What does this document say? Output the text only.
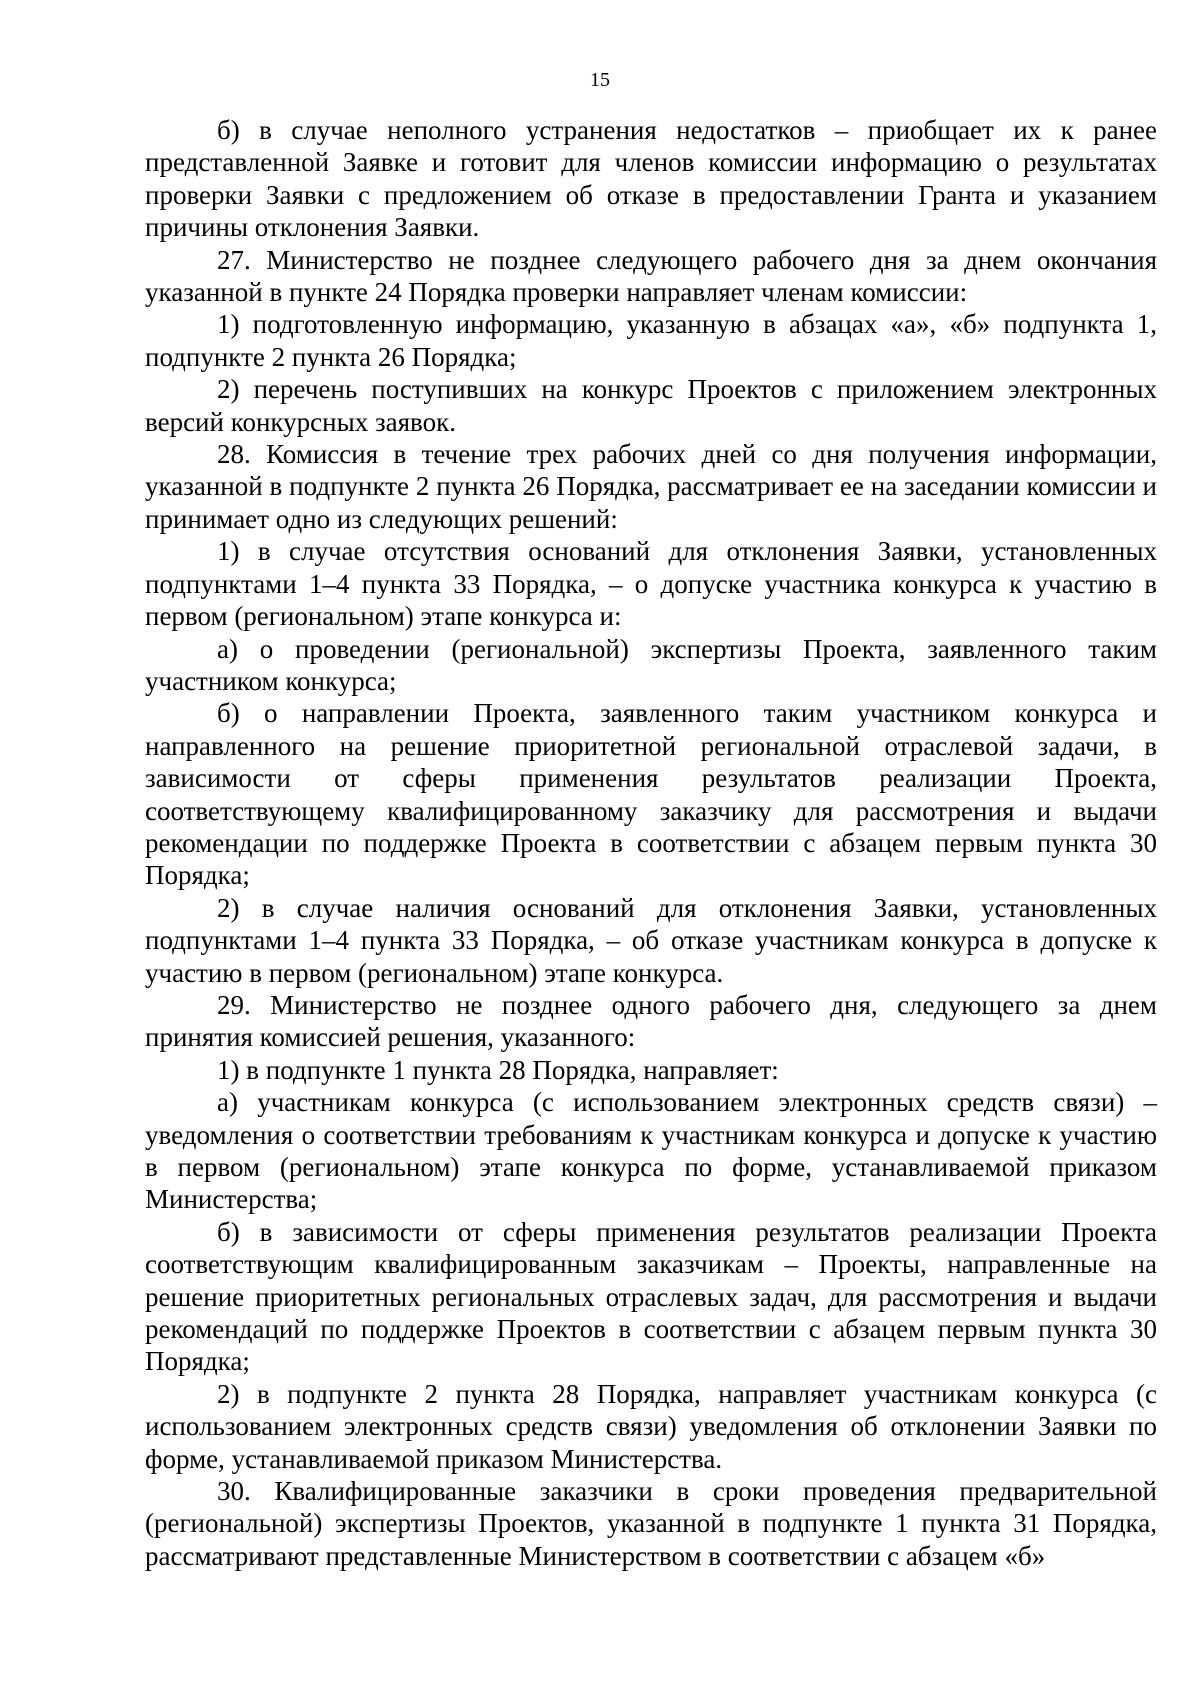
15

б) в случае неполного устранения недостатков – приобщает их к ранее представленной Заявке и готовит для членов комиссии информацию о результатах проверки Заявки с предложением об отказе в предоставлении Гранта и указанием причины отклонения Заявки.

27. Министерство не позднее следующего рабочего дня за днем окончания указанной в пункте 24 Порядка проверки направляет членам комиссии:

1) подготовленную информацию, указанную в абзацах «а», «б» подпункта 1, подпункте 2 пункта 26 Порядка;

2) перечень поступивших на конкурс Проектов с приложением электронных версий конкурсных заявок.

28. Комиссия в течение трех рабочих дней со дня получения информации, указанной в подпункте 2 пункта 26 Порядка, рассматривает ее на заседании комиссии и принимает одно из следующих решений:

1) в случае отсутствия оснований для отклонения Заявки, установленных подпунктами 1–4 пункта 33 Порядка, – о допуске участника конкурса к участию в первом (региональном) этапе конкурса и:

а) о проведении (региональной) экспертизы Проекта, заявленного таким участником конкурса;

б) о направлении Проекта, заявленного таким участником конкурса и направленного на решение приоритетной региональной отраслевой задачи, в зависимости от сферы применения результатов реализации Проекта, соответствующему квалифицированному заказчику для рассмотрения и выдачи рекомендации по поддержке Проекта в соответствии с абзацем первым пункта 30 Порядка;

2) в случае наличия оснований для отклонения Заявки, установленных подпунктами 1–4 пункта 33 Порядка, – об отказе участникам конкурса в допуске к участию в первом (региональном) этапе конкурса.

29. Министерство не позднее одного рабочего дня, следующего за днем принятия комиссией решения, указанного:

1) в подпункте 1 пункта 28 Порядка, направляет:

а) участникам конкурса (с использованием электронных средств связи) – уведомления о соответствии требованиям к участникам конкурса и допуске к участию в первом (региональном) этапе конкурса по форме, устанавливаемой приказом Министерства;

б) в зависимости от сферы применения результатов реализации Проекта соответствующим квалифицированным заказчикам – Проекты, направленные на решение приоритетных региональных отраслевых задач, для рассмотрения и выдачи рекомендаций по поддержке Проектов в соответствии с абзацем первым пункта 30 Порядка;

2) в подпункте 2 пункта 28 Порядка, направляет участникам конкурса (с использованием электронных средств связи) уведомления об отклонении Заявки по форме, устанавливаемой приказом Министерства.

30. Квалифицированные заказчики в сроки проведения предварительной (региональной) экспертизы Проектов, указанной в подпункте 1 пункта 31 Порядка, рассматривают представленные Министерством в соответствии с абзацем «б»
